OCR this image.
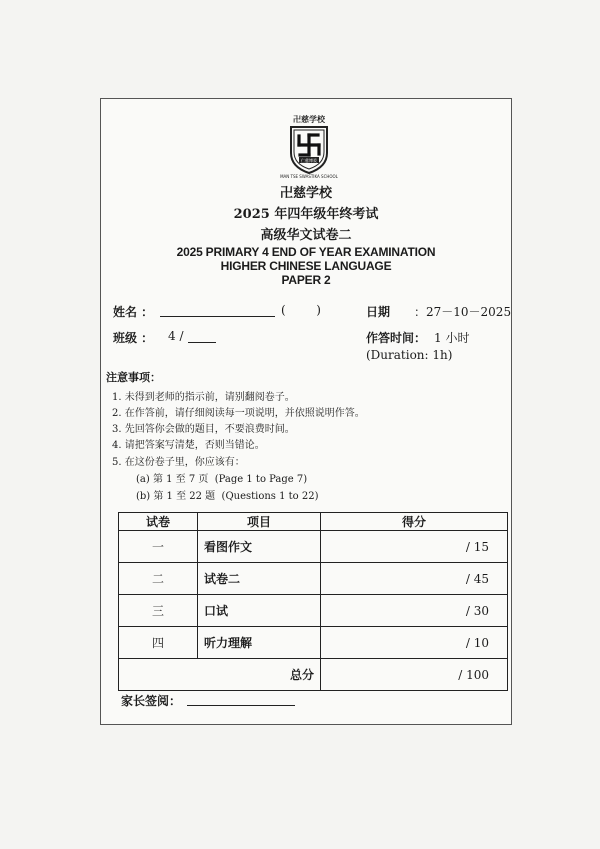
卍慈学校
仁慈博爱
MAN TSE SWASTIKA SCHOOL
卍慈学校
2025 年四年级年终考试
高级华文试卷二
2025 PRIMARY 4 END OF YEAR EXAMINATION
HIGHER CHINESE LANGUAGE
PAPER 2
姓名 ：	(        )	日期 ：27－10－2025
班级 ： 4 /	作答时间： 1 小时
(Duration: 1h)
注意事项：
1. 未得到老师的指示前，请别翻阅卷子。
2. 在作答前，请仔细阅读每一项说明，并依照说明作答。
3. 先回答你会做的题目，不要浪费时间。
4. 请把答案写清楚，否则当错论。
5. 在这份卷子里，你应该有：
(a) 第 1 至 7 页  (Page 1 to Page 7)
(b) 第 1 至 22 题  (Questions 1 to 22)
试卷	项目	得分
一	看图作文	/ 15
二	试卷二	/ 45
三	口试	/ 30
四	听力理解	/ 10
总分		/ 100
家长签阅：
